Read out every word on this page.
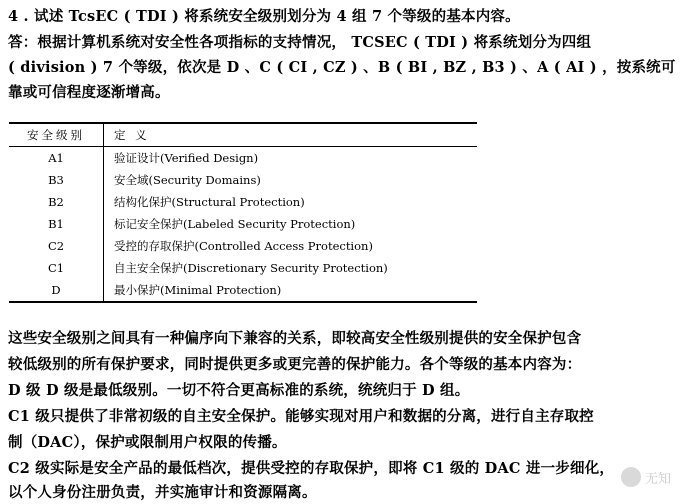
4 . 试述 TcsEC ( TDI ) 将系统安全级别划分为 4 组 7 个等级的基本内容。
答：根据计算机系统对安全性各项指标的支持情况， TCSEC ( TDI ) 将系统划分为四组
( division ) 7 个等级，依次是 D 、C ( CI , CZ ) 、B ( BI , BZ , B3 ) 、A ( AI ) ，按系统可
靠或可信程度逐渐增高。
安全级别	定 义
A1	验证设计(Verified Design)
B3	安全域(Security Domains)
B2	结构化保护(Structural Protection)
B1	标记安全保护(Labeled Security Protection)
C2	受控的存取保护(Controlled Access Protection)
C1	自主安全保护(Discretionary Security Protection)
D	最小保护(Minimal Protection)
这些安全级别之间具有一种偏序向下兼容的关系，即较高安全性级别提供的安全保护包含
较低级别的所有保护要求，同时提供更多或更完善的保护能力。各个等级的基本内容为：
D 级 D 级是最低级别。一切不符合更高标准的系统，统统归于 D 组。
C1 级只提供了非常初级的自主安全保护。能够实现对用户和数据的分离，进行自主存取控
制（DAC），保护或限制用户权限的传播。
C2 级实际是安全产品的最低档次，提供受控的存取保护，即将 C1 级的 DAC 进一步细化，
以个人身份注册负责，并实施审计和资源隔离。
无知
